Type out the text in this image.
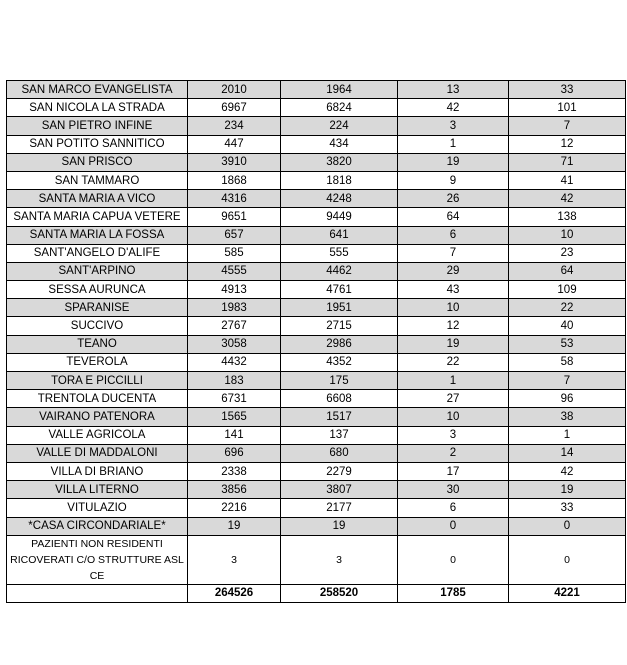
SAN MARCO EVANGELISTA	2010	1964	13	33
SAN NICOLA LA STRADA	6967	6824	42	101
SAN PIETRO INFINE	234	224	3	7
SAN POTITO SANNITICO	447	434	1	12
SAN PRISCO	3910	3820	19	71
SAN TAMMARO	1868	1818	9	41
SANTA MARIA A VICO	4316	4248	26	42
SANTA MARIA CAPUA VETERE	9651	9449	64	138
SANTA MARIA LA FOSSA	657	641	6	10
SANT'ANGELO D'ALIFE	585	555	7	23
SANT'ARPINO	4555	4462	29	64
SESSA AURUNCA	4913	4761	43	109
SPARANISE	1983	1951	10	22
SUCCIVO	2767	2715	12	40
TEANO	3058	2986	19	53
TEVEROLA	4432	4352	22	58
TORA E PICCILLI	183	175	1	7
TRENTOLA DUCENTA	6731	6608	27	96
VAIRANO PATENORA	1565	1517	10	38
VALLE AGRICOLA	141	137	3	1
VALLE DI MADDALONI	696	680	2	14
VILLA DI BRIANO	2338	2279	17	42
VILLA LITERNO	3856	3807	30	19
VITULAZIO	2216	2177	6	33
*CASA CIRCONDARIALE*	19	19	0	0
PAZIENTI NON RESIDENTI RICOVERATI C/O STRUTTURE ASL CE	3	3	0	0
	264526	258520	1785	4221
